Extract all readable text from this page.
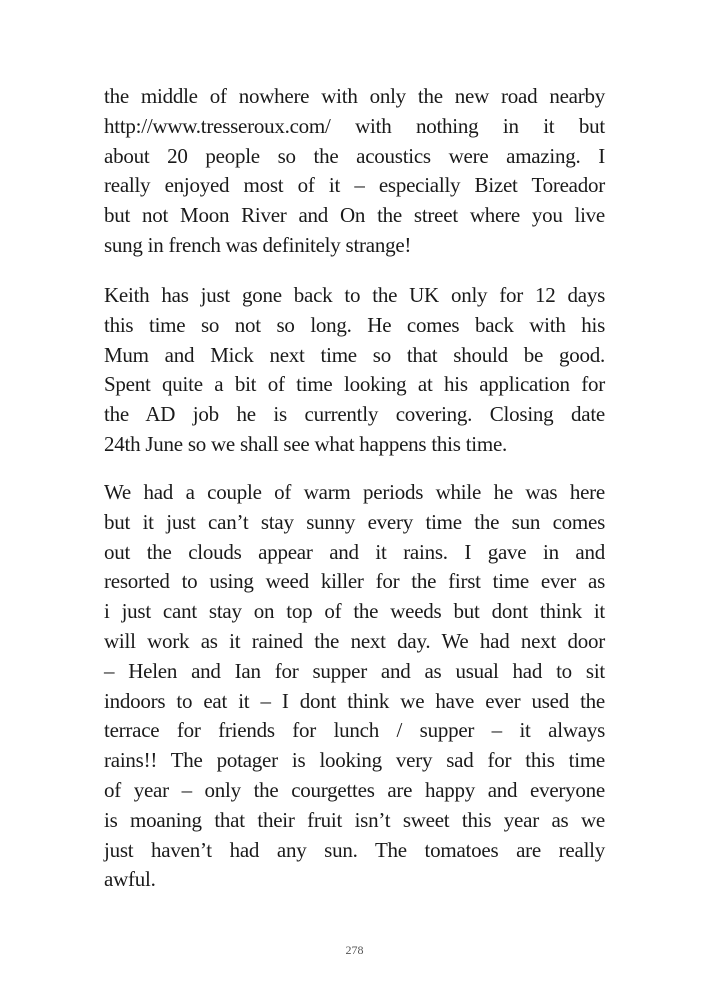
the middle of nowhere with only the new road nearby
http://www.tresseroux.com/ with nothing in it but
about 20 people so the acoustics were amazing. I
really enjoyed most of it – especially Bizet Toreador
but not Moon River and On the street where you live
sung in french was definitely strange!
Keith has just gone back to the UK only for 12 days
this time so not so long. He comes back with his
Mum and Mick next time so that should be good.
Spent quite a bit of time looking at his application for
the AD job he is currently covering. Closing date
24th June so we shall see what happens this time.
We had a couple of warm periods while he was here
but it just can’t stay sunny every time the sun comes
out the clouds appear and it rains. I gave in and
resorted to using weed killer for the first time ever as
i just cant stay on top of the weeds but dont think it
will work as it rained the next day. We had next door
– Helen and Ian for supper and as usual had to sit
indoors to eat it – I dont think we have ever used the
terrace for friends for lunch / supper – it always
rains!! The potager is looking very sad for this time
of year – only the courgettes are happy and everyone
is moaning that their fruit isn’t sweet this year as we
just haven’t had any sun. The tomatoes are really
awful.
278
